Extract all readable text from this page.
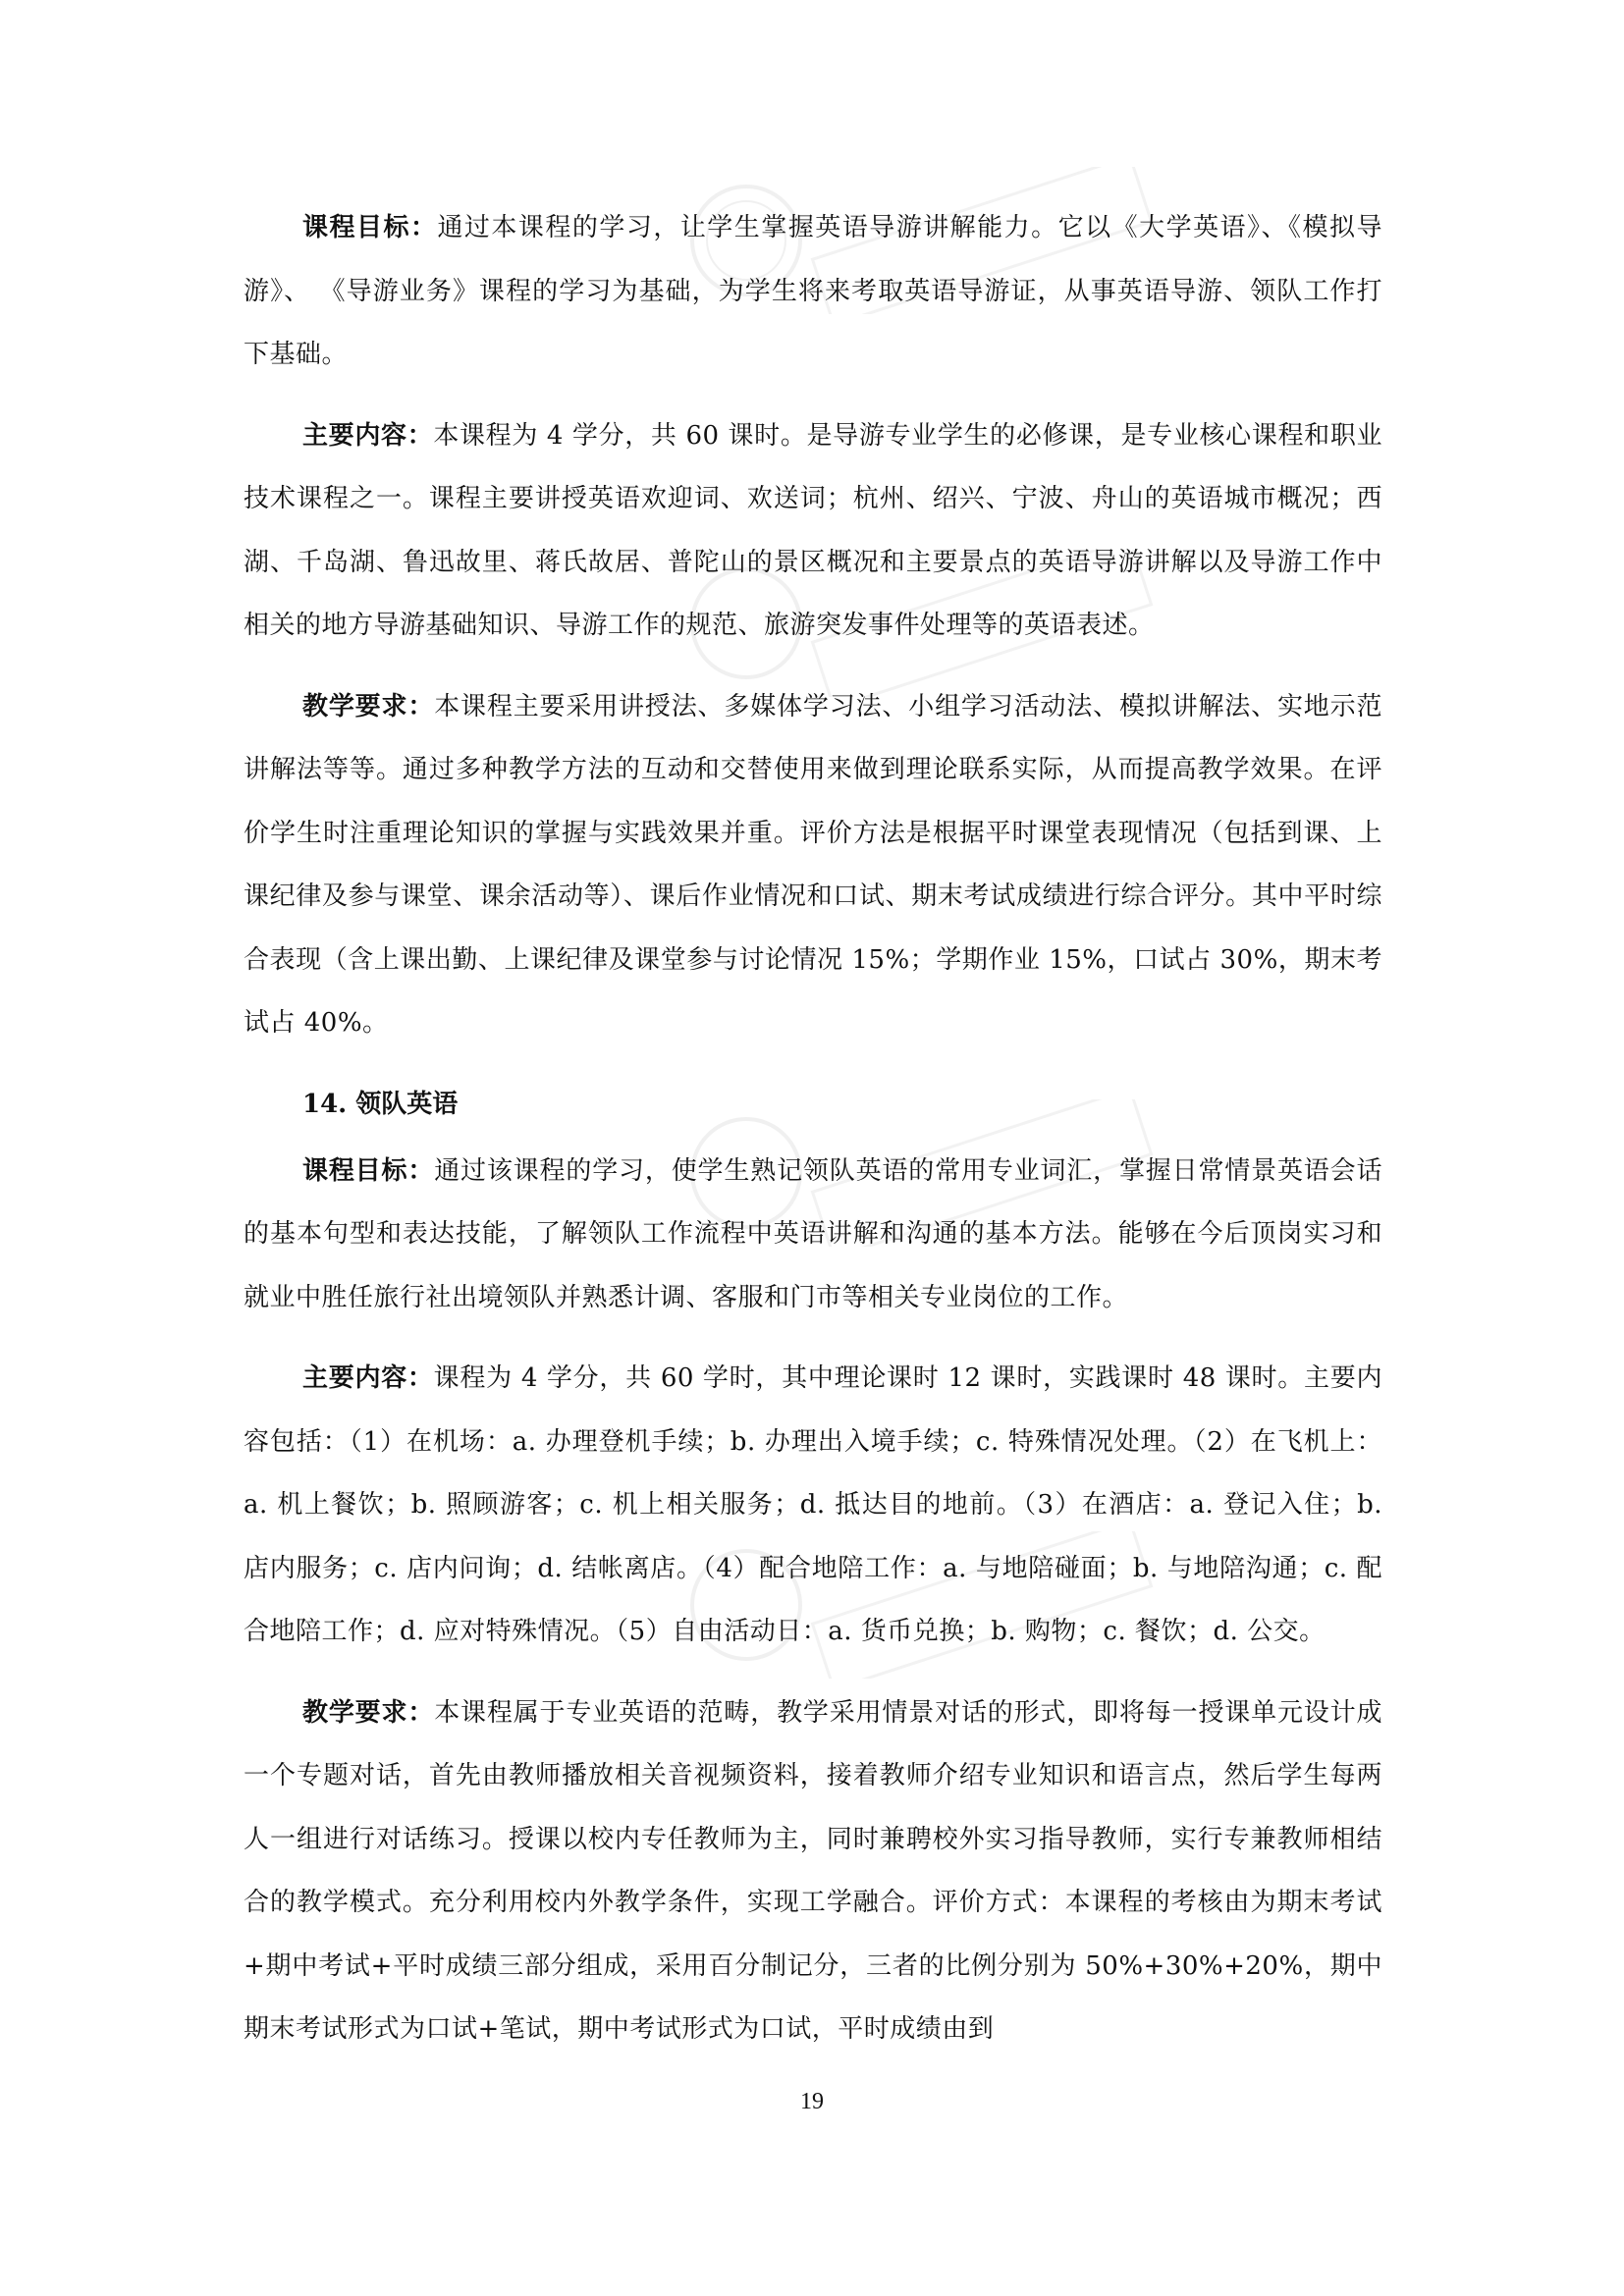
课程目标：通过本课程的学习，让学生掌握英语导游讲解能力。它以《大学英语》、《模拟导游》、 《导游业务》课程的学习为基础，为学生将来考取英语导游证，从事英语导游、领队工作打下基础。

主要内容：本课程为 4 学分，共 60 课时。是导游专业学生的必修课，是专业核心课程和职业技术课程之一。课程主要讲授英语欢迎词、欢送词；杭州、绍兴、宁波、舟山的英语城市概况；西湖、千岛湖、鲁迅故里、蒋氏故居、普陀山的景区概况和主要景点的英语导游讲解以及导游工作中相关的地方导游基础知识、导游工作的规范、旅游突发事件处理等的英语表述。

教学要求：本课程主要采用讲授法、多媒体学习法、小组学习活动法、模拟讲解法、实地示范讲解法等等。通过多种教学方法的互动和交替使用来做到理论联系实际，从而提高教学效果。在评价学生时注重理论知识的掌握与实践效果并重。评价方法是根据平时课堂表现情况（包括到课、上课纪律及参与课堂、课余活动等）、课后作业情况和口试、期末考试成绩进行综合评分。其中平时综合表现（含上课出勤、上课纪律及课堂参与讨论情况 15%；学期作业 15%，口试占 30%，期末考试占 40%。

14. 领队英语

课程目标：通过该课程的学习，使学生熟记领队英语的常用专业词汇，掌握日常情景英语会话的基本句型和表达技能，了解领队工作流程中英语讲解和沟通的基本方法。能够在今后顶岗实习和就业中胜任旅行社出境领队并熟悉计调、客服和门市等相关专业岗位的工作。

主要内容：课程为 4 学分，共 60 学时，其中理论课时 12 课时，实践课时 48 课时。主要内容包括：（1）在机场：a. 办理登机手续；b. 办理出入境手续；c. 特殊情况处理。（2）在飞机上：a. 机上餐饮；b. 照顾游客；c. 机上相关服务；d. 抵达目的地前。（3）在酒店：a. 登记入住；b. 店内服务；c. 店内问询；d. 结帐离店。（4）配合地陪工作：a. 与地陪碰面；b. 与地陪沟通；c. 配合地陪工作；d. 应对特殊情况。（5）自由活动日：a. 货币兑换；b. 购物；c. 餐饮；d. 公交。

教学要求：本课程属于专业英语的范畴，教学采用情景对话的形式，即将每一授课单元设计成一个专题对话，首先由教师播放相关音视频资料，接着教师介绍专业知识和语言点，然后学生每两人一组进行对话练习。授课以校内专任教师为主，同时兼聘校外实习指导教师，实行专兼教师相结合的教学模式。充分利用校内外教学条件，实现工学融合。评价方式：本课程的考核由为期末考试+期中考试+平时成绩三部分组成，采用百分制记分，三者的比例分别为 50%+30%+20%，期中期末考试形式为口试+笔试，期中考试形式为口试，平时成绩由到

19
